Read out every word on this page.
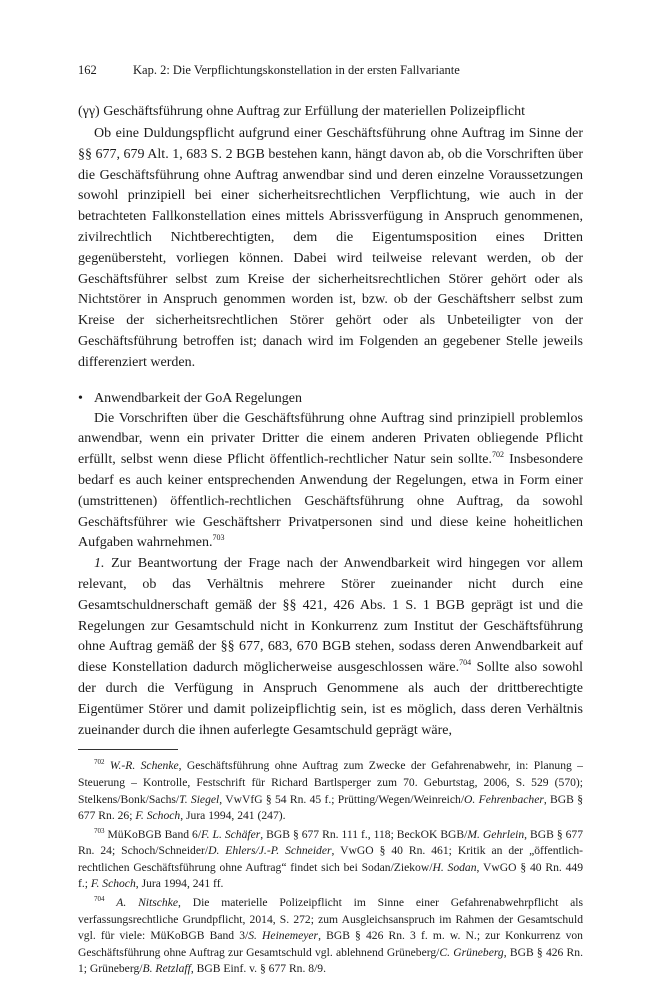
162	Kap. 2: Die Verpflichtungskonstellation in der ersten Fallvariante

(γγ) Geschäftsführung ohne Auftrag zur Erfüllung der materiellen Polizeipflicht

Ob eine Duldungspflicht aufgrund einer Geschäftsführung ohne Auftrag im Sinne der §§ 677, 679 Alt. 1, 683 S. 2 BGB bestehen kann, hängt davon ab, ob die Vorschriften über die Geschäftsführung ohne Auftrag anwendbar sind und deren einzelne Voraussetzungen sowohl prinzipiell bei einer sicherheitsrechtlichen Verpflichtung, wie auch in der betrachteten Fallkonstellation eines mittels Abrissverfügung in Anspruch genommenen, zivilrechtlich Nichtberechtigten, dem die Eigentumsposition eines Dritten gegenübersteht, vorliegen können. Dabei wird teilweise relevant werden, ob der Geschäftsführer selbst zum Kreise der sicherheitsrechtlichen Störer gehört oder als Nichtstörer in Anspruch genommen worden ist, bzw. ob der Geschäftsherr selbst zum Kreise der sicherheitsrechtlichen Störer gehört oder als Unbeteiligter von der Geschäftsführung betroffen ist; danach wird im Folgenden an gegebener Stelle jeweils differenziert werden.

• Anwendbarkeit der GoA Regelungen

Die Vorschriften über die Geschäftsführung ohne Auftrag sind prinzipiell problemlos anwendbar, wenn ein privater Dritter die einem anderen Privaten obliegende Pflicht erfüllt, selbst wenn diese Pflicht öffentlich-rechtlicher Natur sein sollte.$^{702}$ Insbesondere bedarf es auch keiner entsprechenden Anwendung der Regelungen, etwa in Form einer (umstrittenen) öffentlich-rechtlichen Geschäftsführung ohne Auftrag, da sowohl Geschäftsführer wie Geschäftsherr Privatpersonen sind und diese keine hoheitlichen Aufgaben wahrnehmen.$^{703}$

1. Zur Beantwortung der Frage nach der Anwendbarkeit wird hingegen vor allem relevant, ob das Verhältnis mehrere Störer zueinander nicht durch eine Gesamtschuldnerschaft gemäß der §§ 421, 426 Abs. 1 S. 1 BGB geprägt ist und die Regelungen zur Gesamtschuld nicht in Konkurrenz zum Institut der Geschäftsführung ohne Auftrag gemäß der §§ 677, 683, 670 BGB stehen, sodass deren Anwendbarkeit auf diese Konstellation dadurch möglicherweise ausgeschlossen wäre.$^{704}$ Sollte also sowohl der durch die Verfügung in Anspruch Genommene als auch der drittberechtigte Eigentümer Störer und damit polizeipflichtig sein, ist es möglich, dass deren Verhältnis zueinander durch die ihnen auferlegte Gesamtschuld geprägt wäre,

$^{702}$ W.-R. Schenke, Geschäftsführung ohne Auftrag zum Zwecke der Gefahrenabwehr, in: Planung – Steuerung – Kontrolle, Festschrift für Richard Bartlsperger zum 70. Geburtstag, 2006, S. 529 (570); Stelkens/Bonk/Sachs/T. Siegel, VwVfG § 54 Rn. 45 f.; Prütting/Wegen/Weinreich/O. Fehrenbacher, BGB § 677 Rn. 26; F. Schoch, Jura 1994, 241 (247).

$^{703}$ MüKoBGB Band 6/F. L. Schäfer, BGB § 677 Rn. 111 f., 118; BeckOK BGB/M. Gehrlein, BGB § 677 Rn. 24; Schoch/Schneider/D. Ehlers/J.-P. Schneider, VwGO § 40 Rn. 461; Kritik an der „öffentlich-rechtlichen Geschäftsführung ohne Auftrag“ findet sich bei Sodan/Ziekow/H. Sodan, VwGO § 40 Rn. 449 f.; F. Schoch, Jura 1994, 241 ff.

$^{704}$ A. Nitschke, Die materielle Polizeipflicht im Sinne einer Gefahrenabwehrpflicht als verfassungsrechtliche Grundpflicht, 2014, S. 272; zum Ausgleichsanspruch im Rahmen der Gesamtschuld vgl. für viele: MüKoBGB Band 3/S. Heinemeyer, BGB § 426 Rn. 3 f. m. w. N.; zur Konkurrenz von Geschäftsführung ohne Auftrag zur Gesamtschuld vgl. ablehnend Grüneberg/C. Grüneberg, BGB § 426 Rn. 1; Grüneberg/B. Retzlaff, BGB Einf. v. § 677 Rn. 8/9.
